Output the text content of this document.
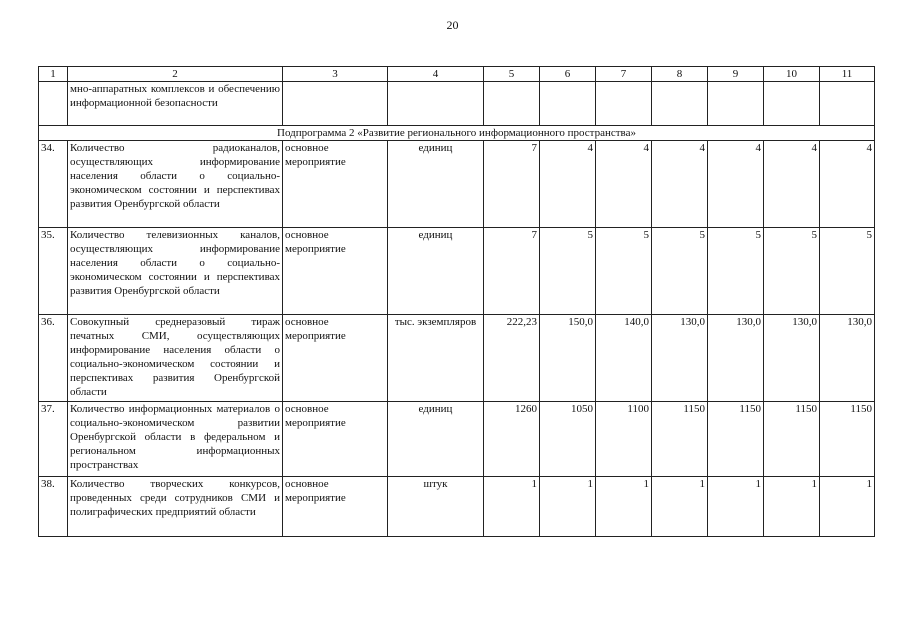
20
1	2	3	4	5	6	7	8	9	10	11
	мно-аппаратных комплексов и обеспечению информационной безопасности									
Подпрограмма 2 «Развитие регионального информационного пространства»										
34.	Количество радиоканалов, осуществляющих информирование населения области о социально-экономическом состоянии и перспективах развития Оренбургской области	основное мероприятие	единиц	7	4	4	4	4	4	4
35.	Количество телевизионных каналов, осуществляющих информирование населения области о социально-экономическом состоянии и перспективах развития Оренбургской области	основное мероприятие	единиц	7	5	5	5	5	5	5
36.	Совокупный среднеразовый тираж печатных СМИ, осуществляющих информирование населения области о социально-экономическом состоянии и перспективах развития Оренбургской области	основное мероприятие	тыс. экземпляров	222,23	150,0	140,0	130,0	130,0	130,0	130,0
37.	Количество информационных материалов о социально-экономическом развитии Оренбургской области в федеральном и региональном информационных пространствах	основное мероприятие	единиц	1260	1050	1100	1150	1150	1150	1150
38.	Количество творческих конкурсов, проведенных среди сотрудников СМИ и полиграфических предприятий области	основное мероприятие	штук	1	1	1	1	1	1	1
